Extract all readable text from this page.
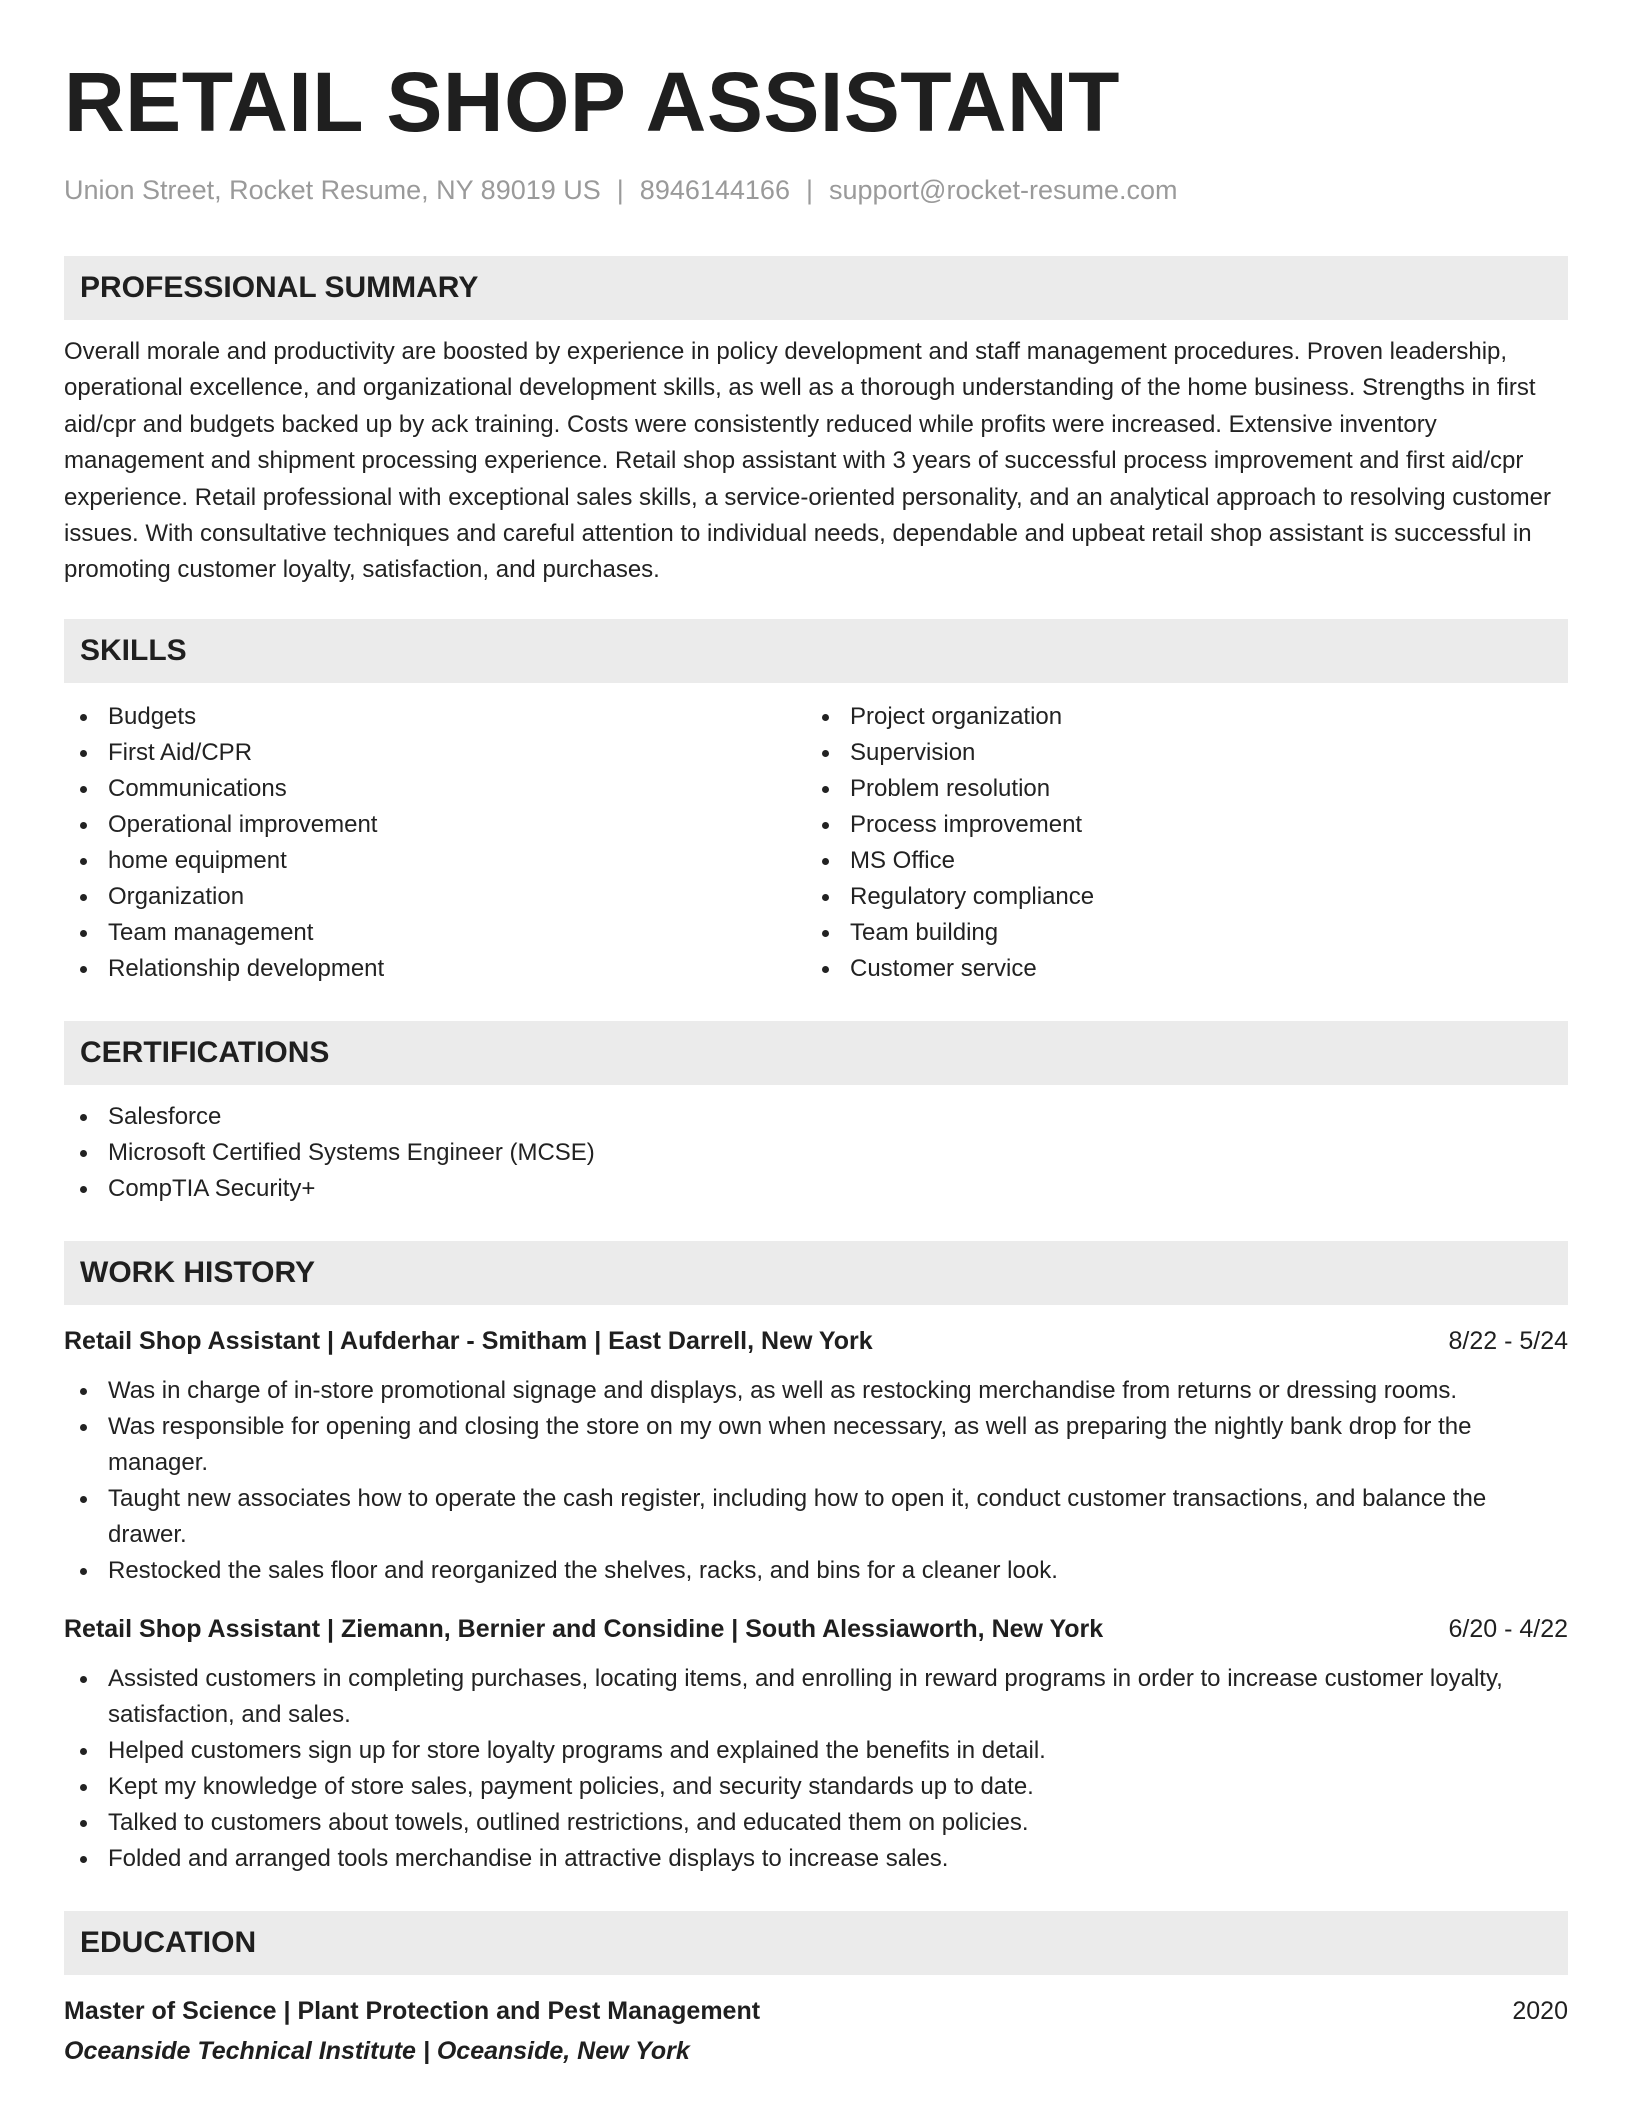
RETAIL SHOP ASSISTANT
Union Street, Rocket Resume, NY 89019 US | 8946144166 | support@rocket-resume.com
PROFESSIONAL SUMMARY
Overall morale and productivity are boosted by experience in policy development and staff management procedures. Proven leadership, operational excellence, and organizational development skills, as well as a thorough understanding of the home business. Strengths in first aid/cpr and budgets backed up by ack training. Costs were consistently reduced while profits were increased. Extensive inventory management and shipment processing experience. Retail shop assistant with 3 years of successful process improvement and first aid/cpr experience. Retail professional with exceptional sales skills, a service-oriented personality, and an analytical approach to resolving customer issues. With consultative techniques and careful attention to individual needs, dependable and upbeat retail shop assistant is successful in promoting customer loyalty, satisfaction, and purchases.
SKILLS
Budgets
First Aid/CPR
Communications
Operational improvement
home equipment
Organization
Team management
Relationship development
Project organization
Supervision
Problem resolution
Process improvement
MS Office
Regulatory compliance
Team building
Customer service
CERTIFICATIONS
Salesforce
Microsoft Certified Systems Engineer (MCSE)
CompTIA Security+
WORK HISTORY
Retail Shop Assistant | Aufderhar - Smitham | East Darrell, New York	8/22 - 5/24
Was in charge of in-store promotional signage and displays, as well as restocking merchandise from returns or dressing rooms.
Was responsible for opening and closing the store on my own when necessary, as well as preparing the nightly bank drop for the manager.
Taught new associates how to operate the cash register, including how to open it, conduct customer transactions, and balance the drawer.
Restocked the sales floor and reorganized the shelves, racks, and bins for a cleaner look.
Retail Shop Assistant | Ziemann, Bernier and Considine | South Alessiaworth, New York	6/20 - 4/22
Assisted customers in completing purchases, locating items, and enrolling in reward programs in order to increase customer loyalty, satisfaction, and sales.
Helped customers sign up for store loyalty programs and explained the benefits in detail.
Kept my knowledge of store sales, payment policies, and security standards up to date.
Talked to customers about towels, outlined restrictions, and educated them on policies.
Folded and arranged tools merchandise in attractive displays to increase sales.
EDUCATION
Master of Science | Plant Protection and Pest Management	2020
Oceanside Technical Institute | Oceanside, New York
